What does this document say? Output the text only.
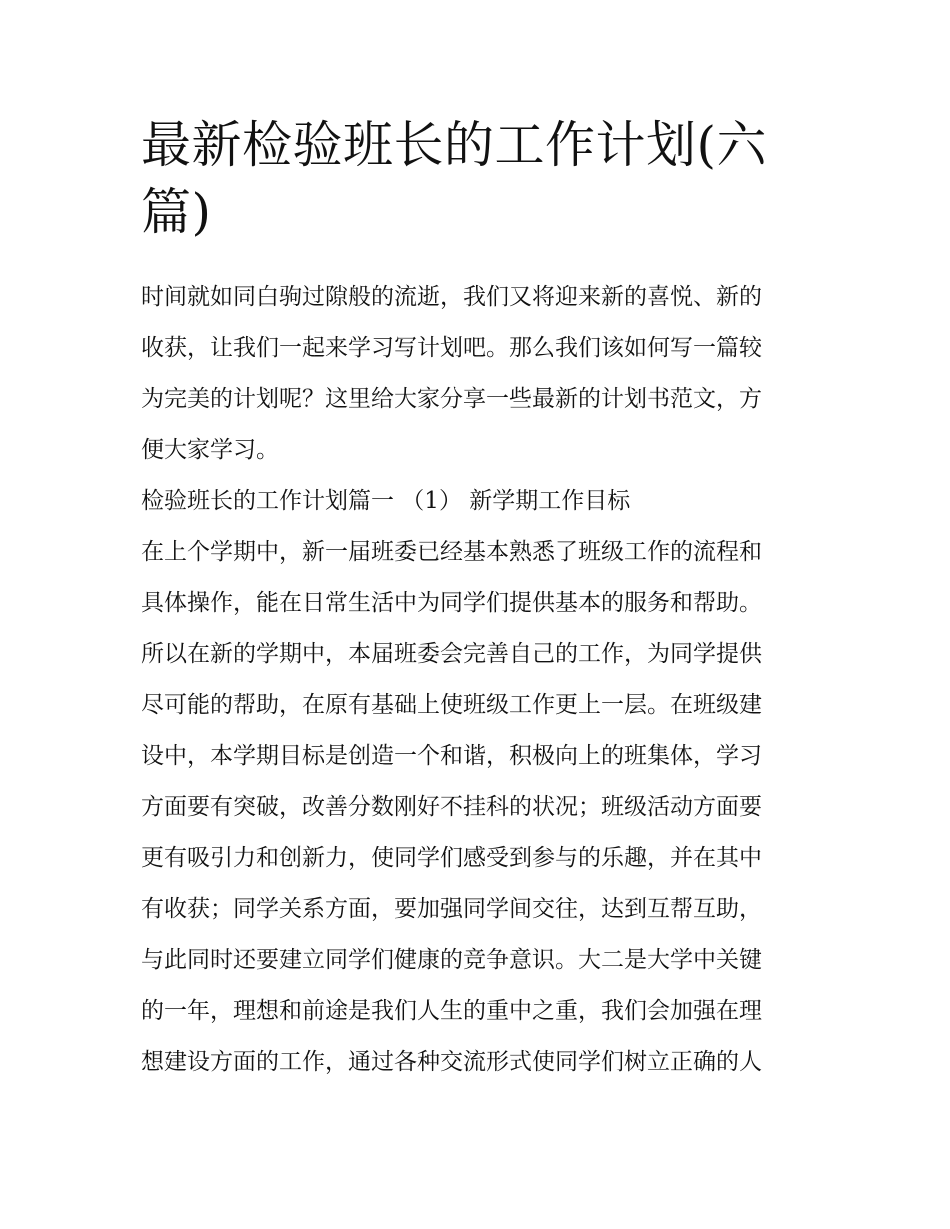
最新检验班长的工作计划(六
篇)

时间就如同白驹过隙般的流逝，我们又将迎来新的喜悦、新的
收获，让我们一起来学习写计划吧。那么我们该如何写一篇较
为完美的计划呢？这里给大家分享一些最新的计划书范文，方
便大家学习。

检验班长的工作计划篇一 （1） 新学期工作目标

在上个学期中，新一届班委已经基本熟悉了班级工作的流程和
具体操作，能在日常生活中为同学们提供基本的服务和帮助。
所以在新的学期中，本届班委会完善自己的工作，为同学提供
尽可能的帮助，在原有基础上使班级工作更上一层。在班级建
设中，本学期目标是创造一个和谐，积极向上的班集体，学习
方面要有突破，改善分数刚好不挂科的状况；班级活动方面要
更有吸引力和创新力，使同学们感受到参与的乐趣，并在其中
有收获；同学关系方面，要加强同学间交往，达到互帮互助，
与此同时还要建立同学们健康的竞争意识。大二是大学中关键
的一年，理想和前途是我们人生的重中之重，我们会加强在理
想建设方面的工作，通过各种交流形式使同学们树立正确的人
